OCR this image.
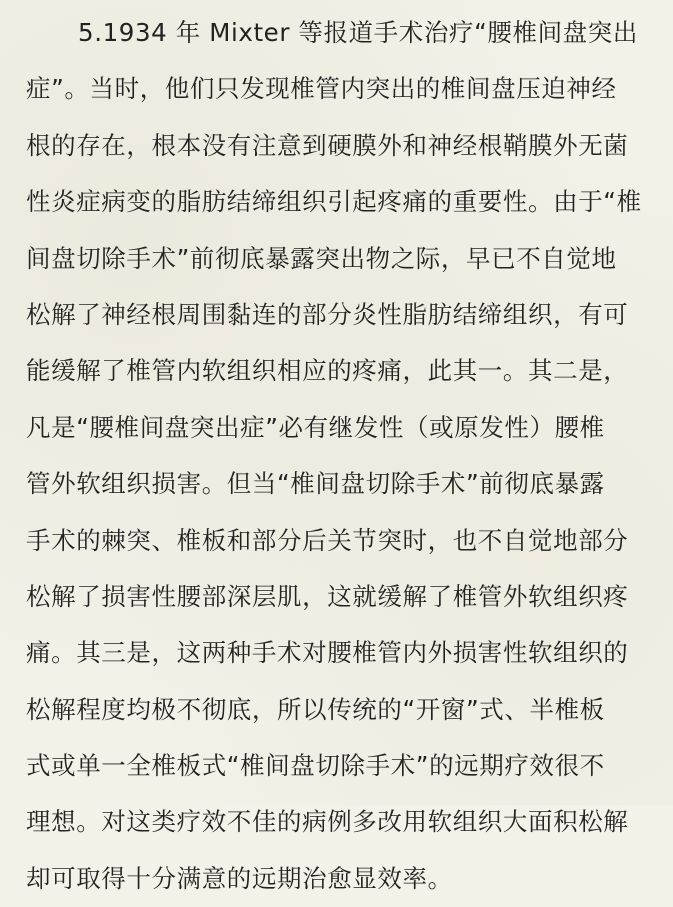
5.1934 年 Mixter 等报道手术治疗“腰椎间盘突出
症”。当时，他们只发现椎管内突出的椎间盘压迫神经
根的存在，根本没有注意到硬膜外和神经根鞘膜外无菌
性炎症病变的脂肪结缔组织引起疼痛的重要性。由于“椎
间盘切除手术”前彻底暴露突出物之际，早已不自觉地
松解了神经根周围黏连的部分炎性脂肪结缔组织，有可
能缓解了椎管内软组织相应的疼痛，此其一。其二是，
凡是“腰椎间盘突出症”必有继发性（或原发性）腰椎
管外软组织损害。但当“椎间盘切除手术”前彻底暴露
手术的棘突、椎板和部分后关节突时，也不自觉地部分
松解了损害性腰部深层肌，这就缓解了椎管外软组织疼
痛。其三是，这两种手术对腰椎管内外损害性软组织的
松解程度均极不彻底，所以传统的“开窗”式、半椎板
式或单一全椎板式“椎间盘切除手术”的远期疗效很不
理想。对这类疗效不佳的病例多改用软组织大面积松解
却可取得十分满意的远期治愈显效率。
